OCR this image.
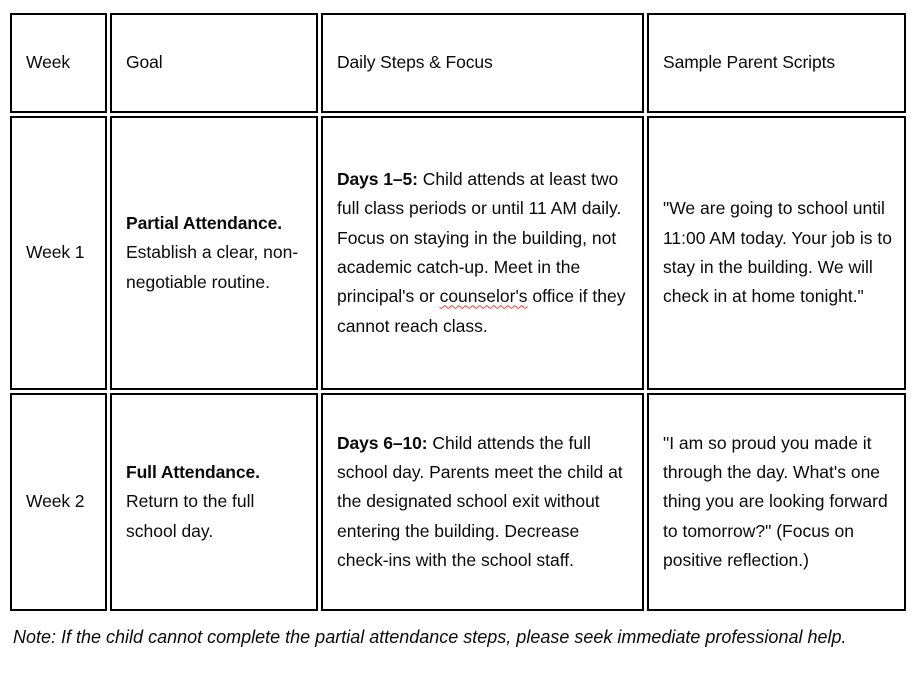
Week	Goal	Daily Steps & Focus	Sample Parent Scripts
Week 1	Partial Attendance. Establish a clear, non-negotiable routine.	Days 1–5: Child attends at least two full class periods or until 11 AM daily. Focus on staying in the building, not academic catch-up. Meet in the principal's or counselor's office if they cannot reach class.	"We are going to school until 11:00 AM today. Your job is to stay in the building. We will check in at home tonight."
Week 2	Full Attendance. Return to the full school day.	Days 6–10: Child attends the full school day. Parents meet the child at the designated school exit without entering the building. Decrease check-ins with the school staff.	"I am so proud you made it through the day. What's one thing you are looking forward to tomorrow?" (Focus on positive reflection.)

Note: If the child cannot complete the partial attendance steps, please seek immediate professional help.
